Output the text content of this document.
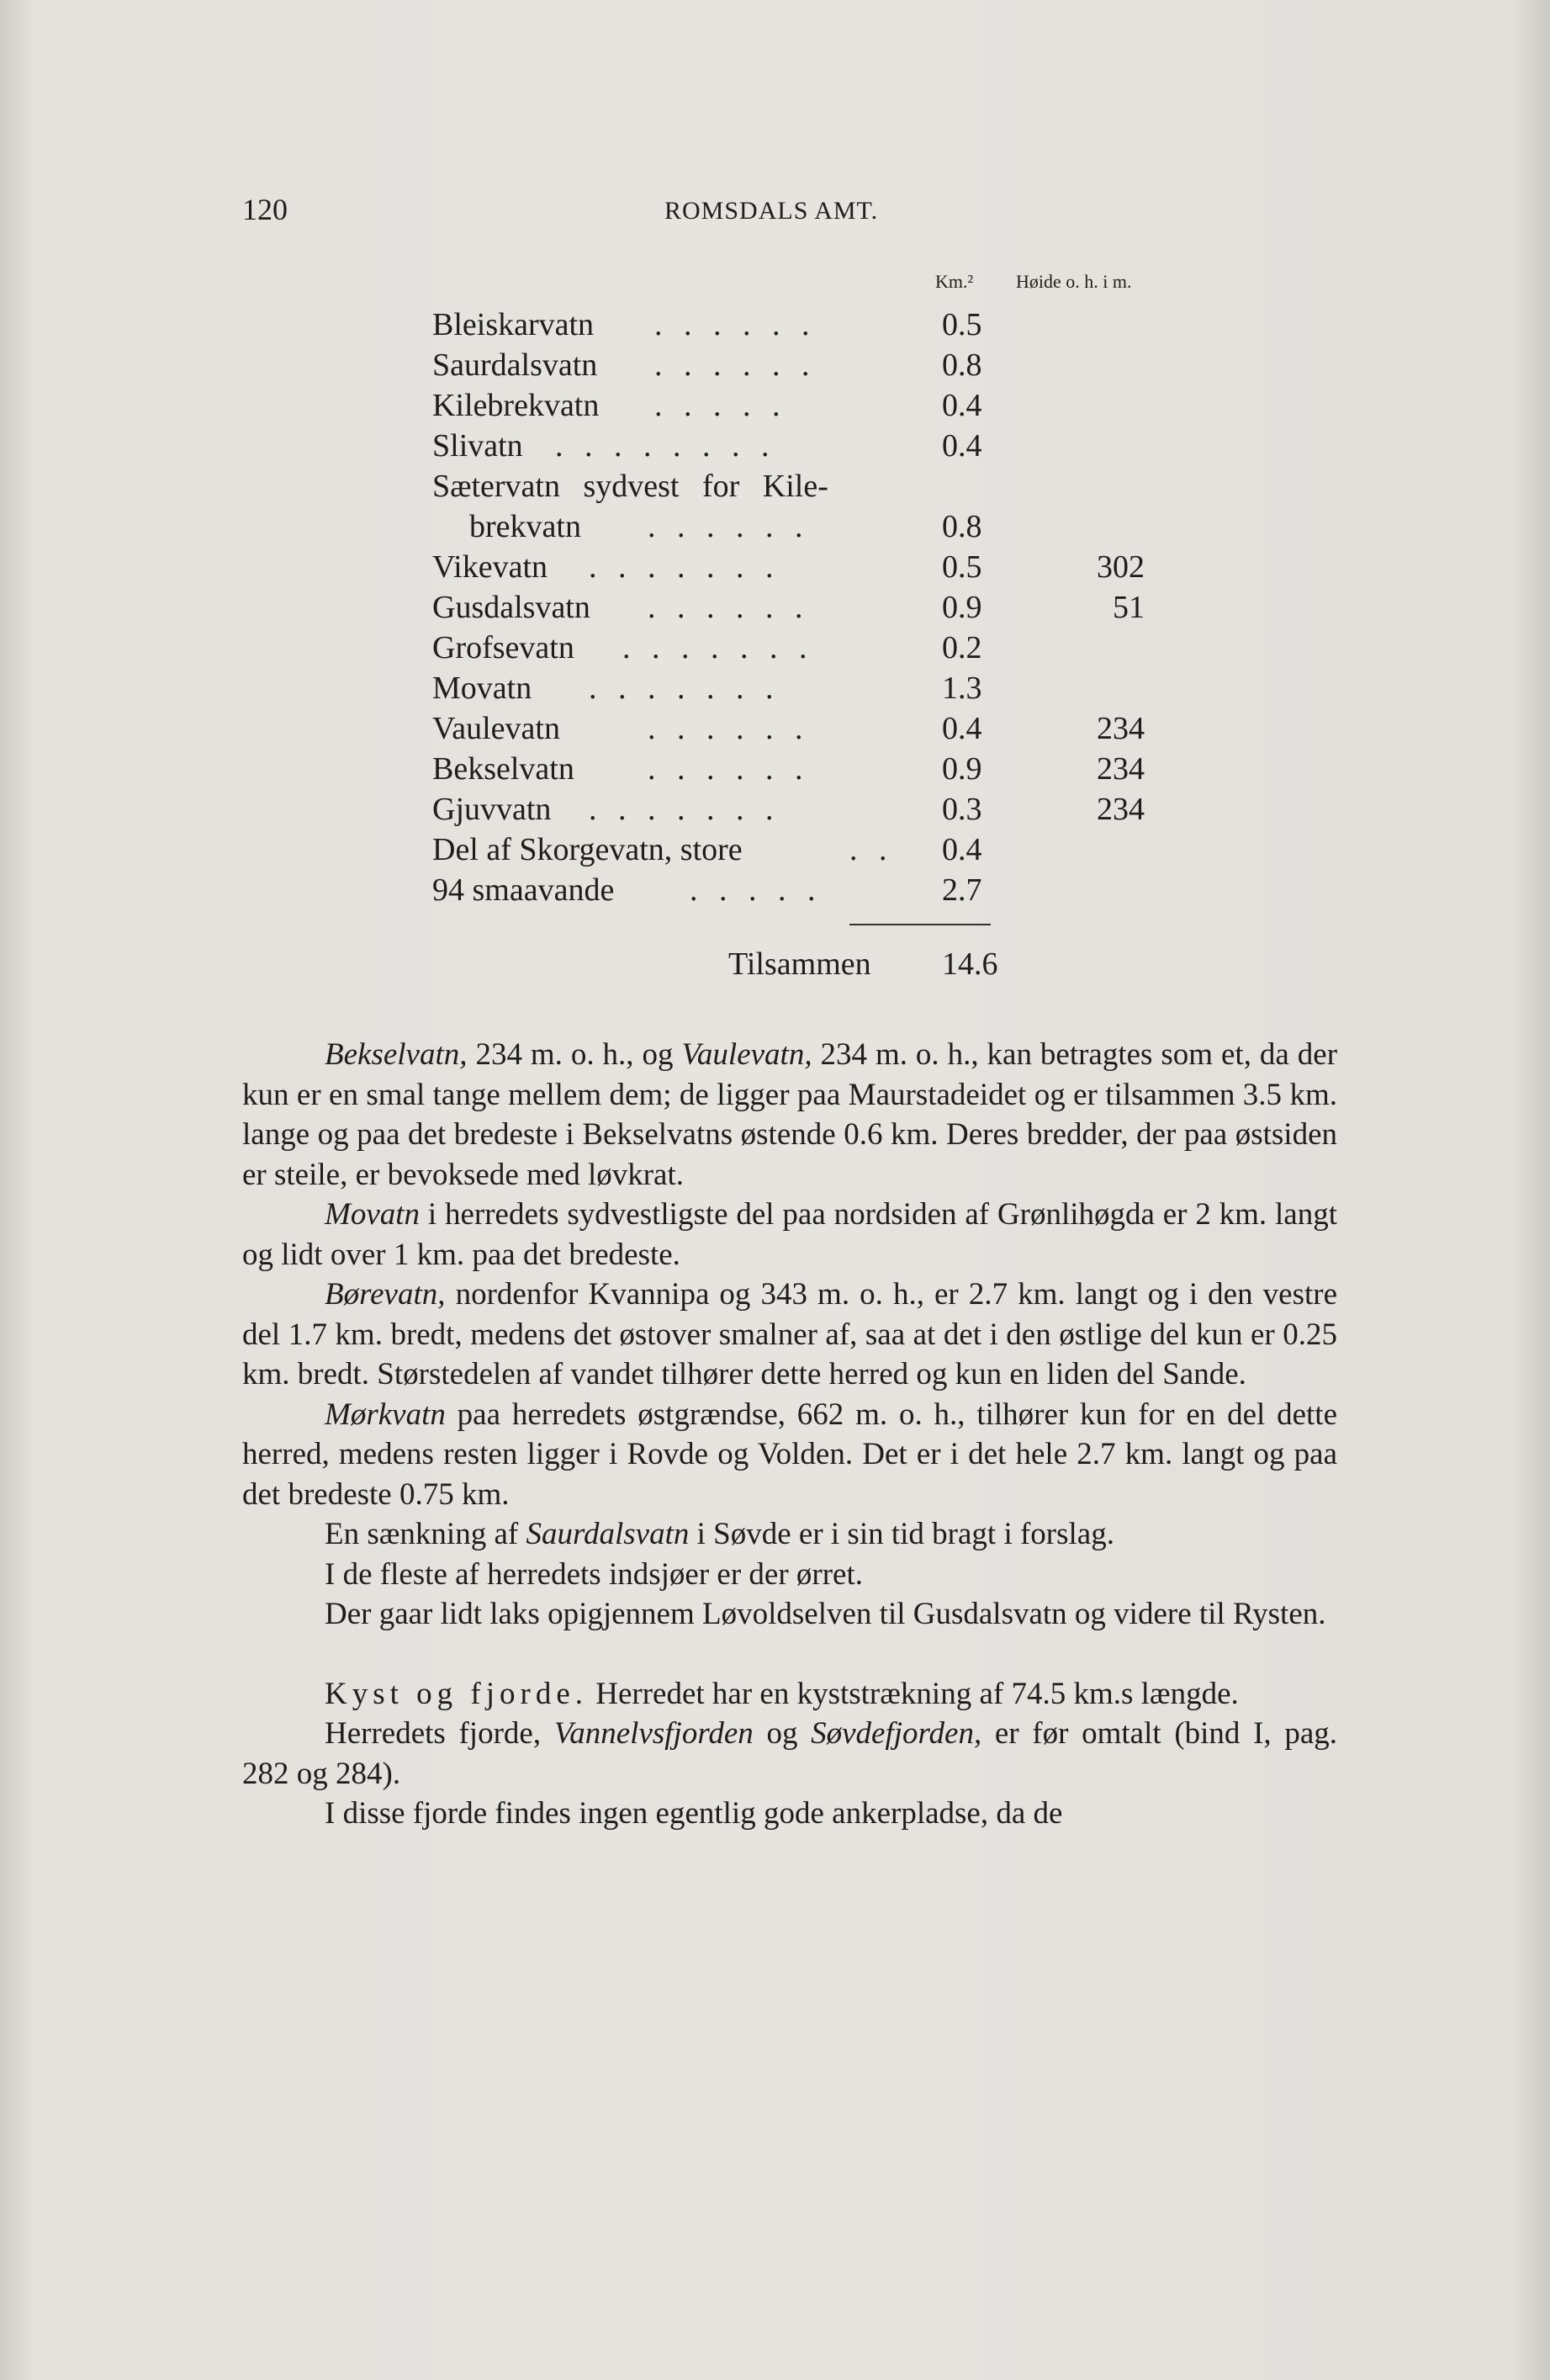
120	ROMSDALS AMT.
Km.² Høide o. h. i m.
Bleiskarvatn . . . . . .	0.5
Saurdalsvatn . . . . . .	0.8
Kilebrekvatn . . . . .	0.4
Slivatn . . . . . . . .	0.4
Sætervatn sydvest for Kile-
brekvatn . . . . . .	0.8
Vikevatn . . . . . . .	0.5	302
Gusdalsvatn . . . . . .	0.9	51
Grofsevatn . . . . . . .	0.2
Movatn . . . . . . .	1.3
Vaulevatn	. . . . . .	0.4	234
Bekselvatn . . . . . .	0.9	234
Gjuvvatn . . . . . . .	0.3	234
Del af Skorgevatn, store	. . 0.4
94 smaavande . . . . .	2.7
Tilsammen 14.6

Bekselvatn, 234 m. o. h., og Vaulevatn, 234 m. o. h., kan betragtes som et, da der kun er en smal tange mellem dem; de ligger paa Maurstadeidet og er tilsammen 3.5 km. lange og paa det bredeste i Bekselvatns østende 0.6 km. Deres bredder, der paa østsiden er steile, er bevoksede med løvkrat.

Movatn i herredets sydvestligste del paa nordsiden af Grønlihøgda er 2 km. langt og lidt over 1 km. paa det bredeste.

Børevatn, nordenfor Kvannipa og 343 m. o. h., er 2.7 km. langt og i den vestre del 1.7 km. bredt, medens det østover smalner af, saa at det i den østlige del kun er 0.25 km. bredt. Størstedelen af vandet tilhører dette herred og kun en liden del Sande.

Mørkvatn paa herredets østgrændse, 662 m. o. h., tilhører kun for en del dette herred, medens resten ligger i Rovde og Volden. Det er i det hele 2.7 km. langt og paa det bredeste 0.75 km.

En sænkning af Saurdalsvatn i Søvde er i sin tid bragt i forslag.

I de fleste af herredets indsjøer er der ørret.

Der gaar lidt laks opigjennem Løvoldselven til Gusdalsvatn og videre til Rysten.

Kyst og fjorde. Herredet har en kyststrækning af 74.5 km.s længde.

Herredets fjorde, Vannelvsfjorden og Søvdefjorden, er før omtalt (bind I, pag. 282 og 284).

I disse fjorde findes ingen egentlig gode ankerpladse, da de
